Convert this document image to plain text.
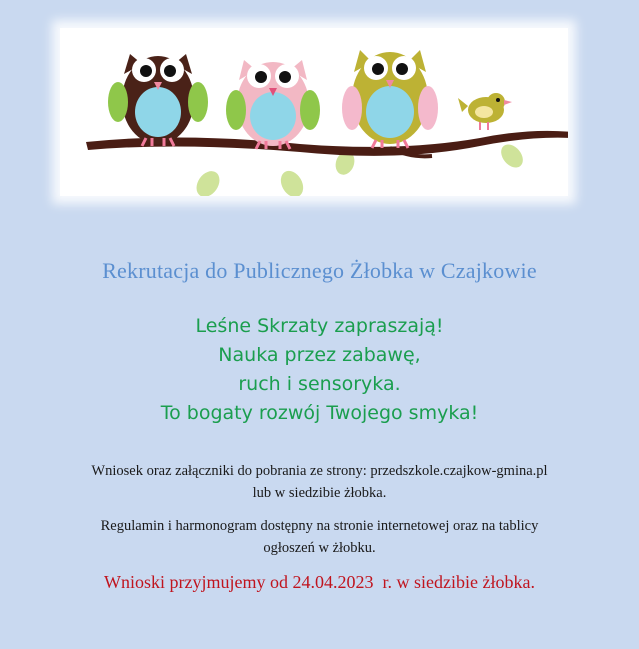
Rekrutacja do Publicznego Żłobka w Czajkowie
Leśne Skrzaty zapraszają!
Nauka przez zabawę,
ruch i sensoryka.
To bogaty rozwój Twojego smyka!
Wniosek oraz załączniki do pobrania ze strony: przedszkole.czajkow-gmina.pl
lub w siedzibie żłobka.
Regulamin i harmonogram dostępny na stronie internetowej oraz na tablicy
ogłoszeń w żłobku.
Wnioski przyjmujemy od 24.04.2023  r. w siedzibie żłobka.
